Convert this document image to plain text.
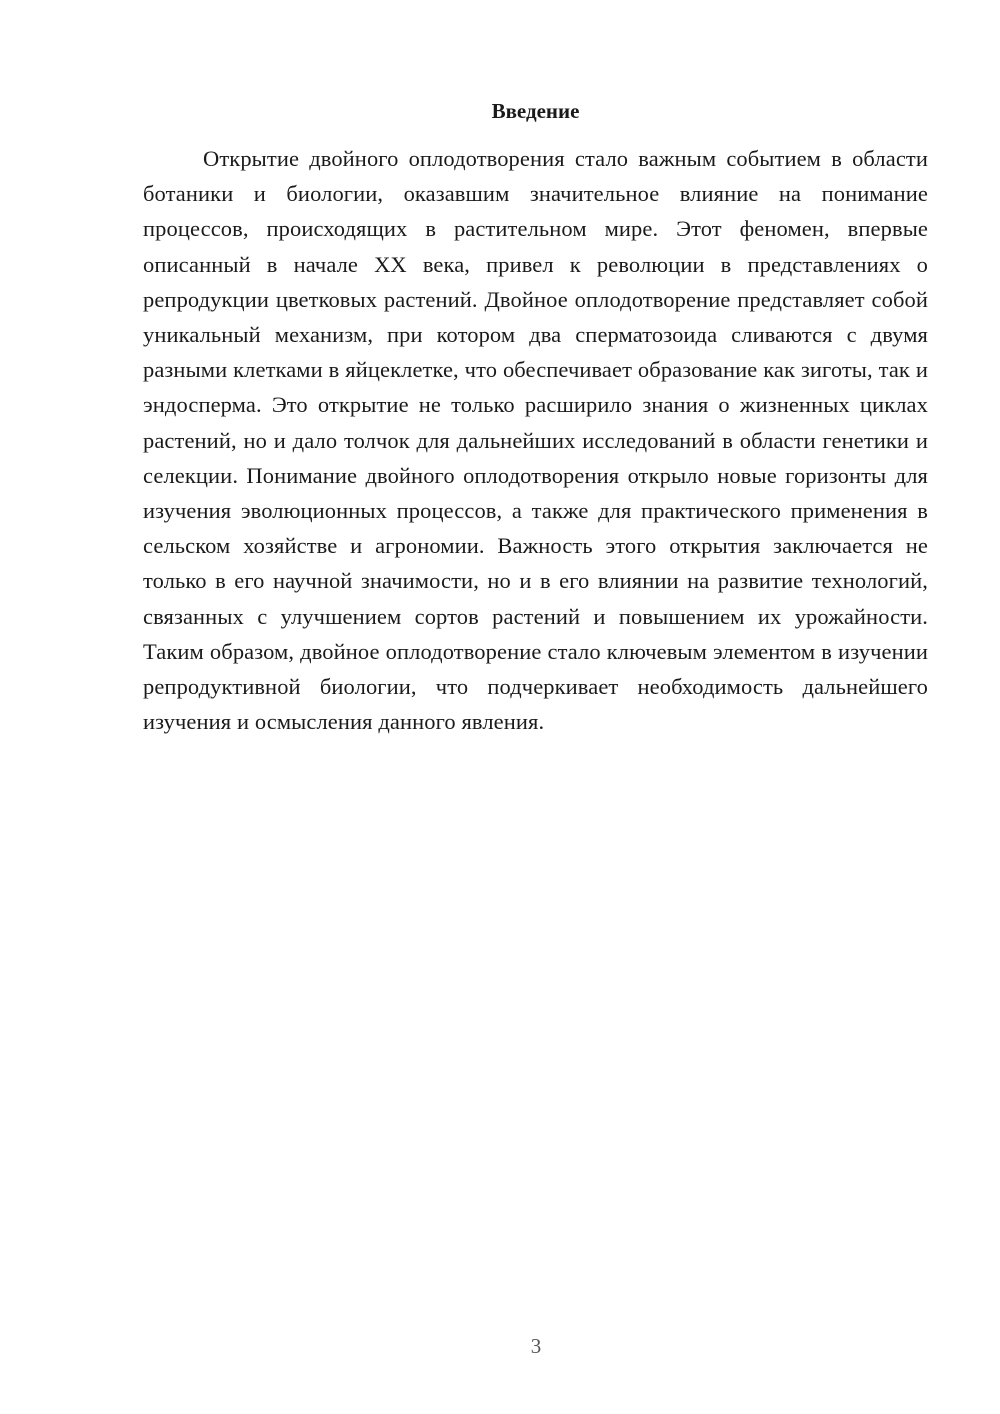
Введение

Открытие двойного оплодотворения стало важным событием в области ботаники и биологии, оказавшим значительное влияние на понимание процессов, происходящих в растительном мире. Этот феномен, впервые описанный в начале XX века, привел к революции в представлениях о репродукции цветковых растений. Двойное оплодотворение представляет собой уникальный механизм, при котором два сперматозоида сливаются с двумя разными клетками в яйцеклетке, что обеспечивает образование как зиготы, так и эндосперма. Это открытие не только расширило знания о жизненных циклах растений, но и дало толчок для дальнейших исследований в области генетики и селекции. Понимание двойного оплодотворения открыло новые горизонты для изучения эволюционных процессов, а также для практического применения в сельском хозяйстве и агрономии. Важность этого открытия заключается не только в его научной значимости, но и в его влиянии на развитие технологий, связанных с улучшением сортов растений и повышением их урожайности. Таким образом, двойное оплодотворение стало ключевым элементом в изучении репродуктивной биологии, что подчеркивает необходимость дальнейшего изучения и осмысления данного явления.

3
